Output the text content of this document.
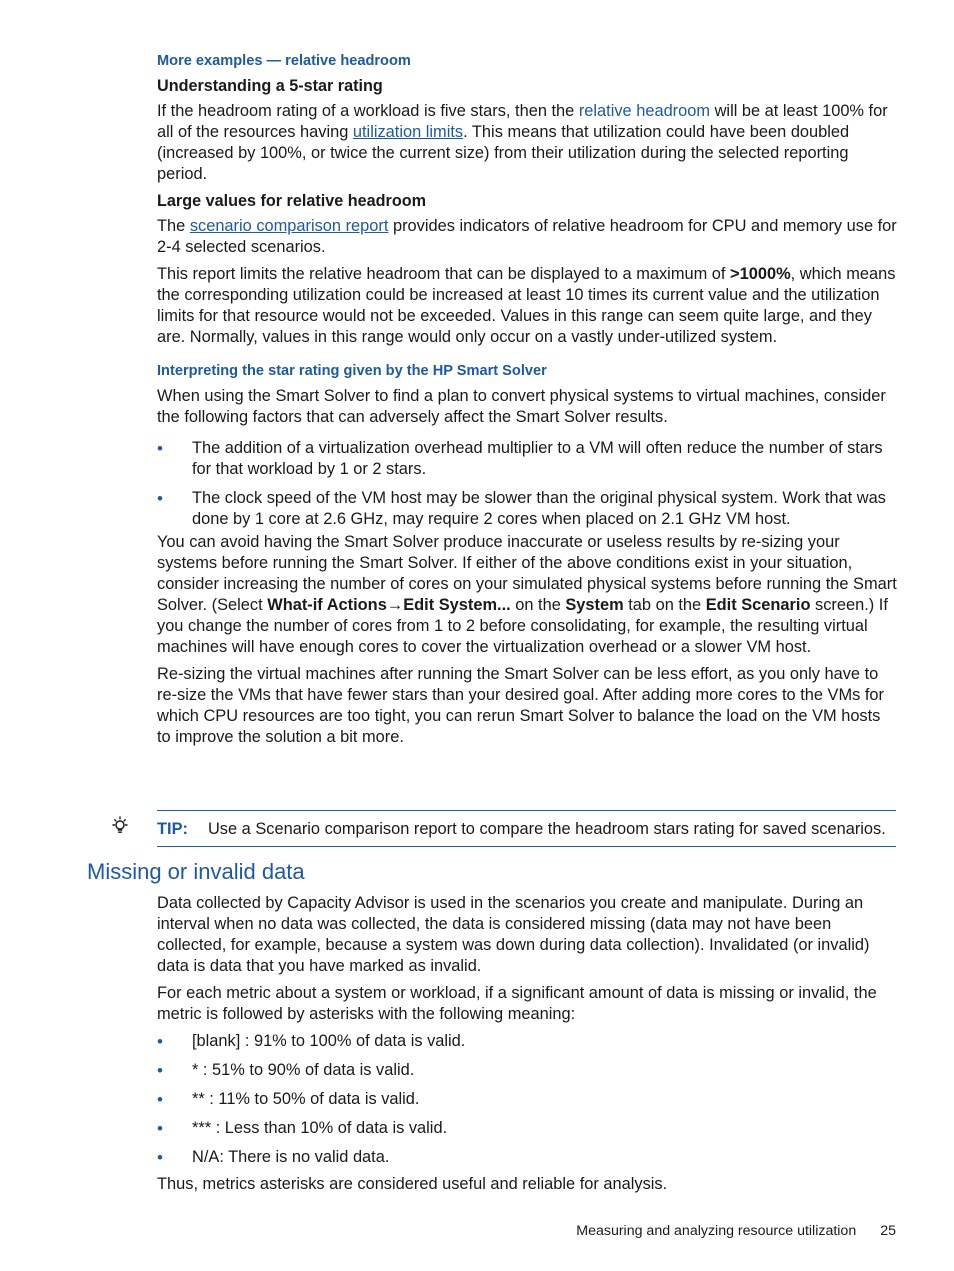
More examples — relative headroom
Understanding a 5-star rating

If the headroom rating of a workload is five stars, then the relative headroom will be at least 100% for all of the resources having utilization limits. This means that utilization could have been doubled (increased by 100%, or twice the current size) from their utilization during the selected reporting period.

Large values for relative headroom

The scenario comparison report provides indicators of relative headroom for CPU and memory use for 2-4 selected scenarios.

This report limits the relative headroom that can be displayed to a maximum of >1000%, which means the corresponding utilization could be increased at least 10 times its current value and the utilization limits for that resource would not be exceeded. Values in this range can seem quite large, and they are. Normally, values in this range would only occur on a vastly under-utilized system.

Interpreting the star rating given by the HP Smart Solver

When using the Smart Solver to find a plan to convert physical systems to virtual machines, consider the following factors that can adversely affect the Smart Solver results.

• The addition of a virtualization overhead multiplier to a VM will often reduce the number of stars for that workload by 1 or 2 stars.
• The clock speed of the VM host may be slower than the original physical system. Work that was done by 1 core at 2.6 GHz, may require 2 cores when placed on 2.1 GHz VM host.

You can avoid having the Smart Solver produce inaccurate or useless results by re-sizing your systems before running the Smart Solver. If either of the above conditions exist in your situation, consider increasing the number of cores on your simulated physical systems before running the Smart Solver. (Select What-if Actions→Edit System... on the System tab on the Edit Scenario screen.) If you change the number of cores from 1 to 2 before consolidating, for example, the resulting virtual machines will have enough cores to cover the virtualization overhead or a slower VM host.

Re-sizing the virtual machines after running the Smart Solver can be less effort, as you only have to re-size the VMs that have fewer stars than your desired goal. After adding more cores to the VMs for which CPU resources are too tight, you can rerun Smart Solver to balance the load on the VM hosts to improve the solution a bit more.

TIP: Use a Scenario comparison report to compare the headroom stars rating for saved scenarios.
Missing or invalid data

Data collected by Capacity Advisor is used in the scenarios you create and manipulate. During an interval when no data was collected, the data is considered missing (data may not have been collected, for example, because a system was down during data collection). Invalidated (or invalid) data is data that you have marked as invalid.

For each metric about a system or workload, if a significant amount of data is missing or invalid, the metric is followed by asterisks with the following meaning:

• [blank] : 91% to 100% of data is valid.
• * : 51% to 90% of data is valid.
• ** : 11% to 50% of data is valid.
• *** : Less than 10% of data is valid.
• N/A: There is no valid data.

Thus, metrics asterisks are considered useful and reliable for analysis.

Measuring and analyzing resource utilization 25
